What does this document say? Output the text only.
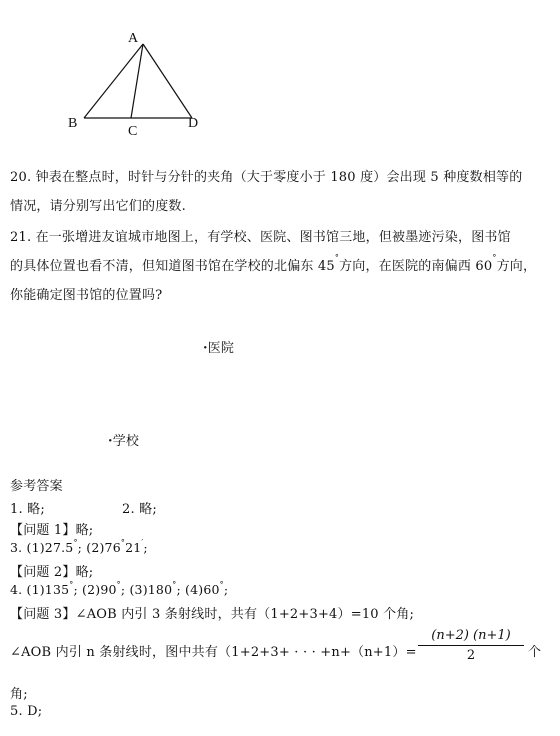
A
B
C
D
20. 钟表在整点时，时针与分针的夹角（大于零度小于 180 度）会出现 5 种度数相等的
情况，请分别写出它们的度数.
21. 在一张增进友谊城市地图上，有学校、医院、图书馆三地，但被墨迹污染，图书馆
的具体位置也看不清，但知道图书馆在学校的北偏东 45°方向，在医院的南偏西 60°方向，
你能确定图书馆的位置吗?
·医院
·学校
参考答案
1. 略;	2. 略;
【问题 1】略;
3. (1)27.5°; (2)76°21′;
【问题 2】略;
4. (1)135°; (2)90°; (3)180°; (4)60°;
【问题 3】∠AOB 内引 3 条射线时，共有（1+2+3+4）=10 个角;
∠AOB 内引 n 条射线时，图中共有（1+2+3+ · · · +n+（n+1）=
(n+2) (n+1)
2	个
角;
5. D;
